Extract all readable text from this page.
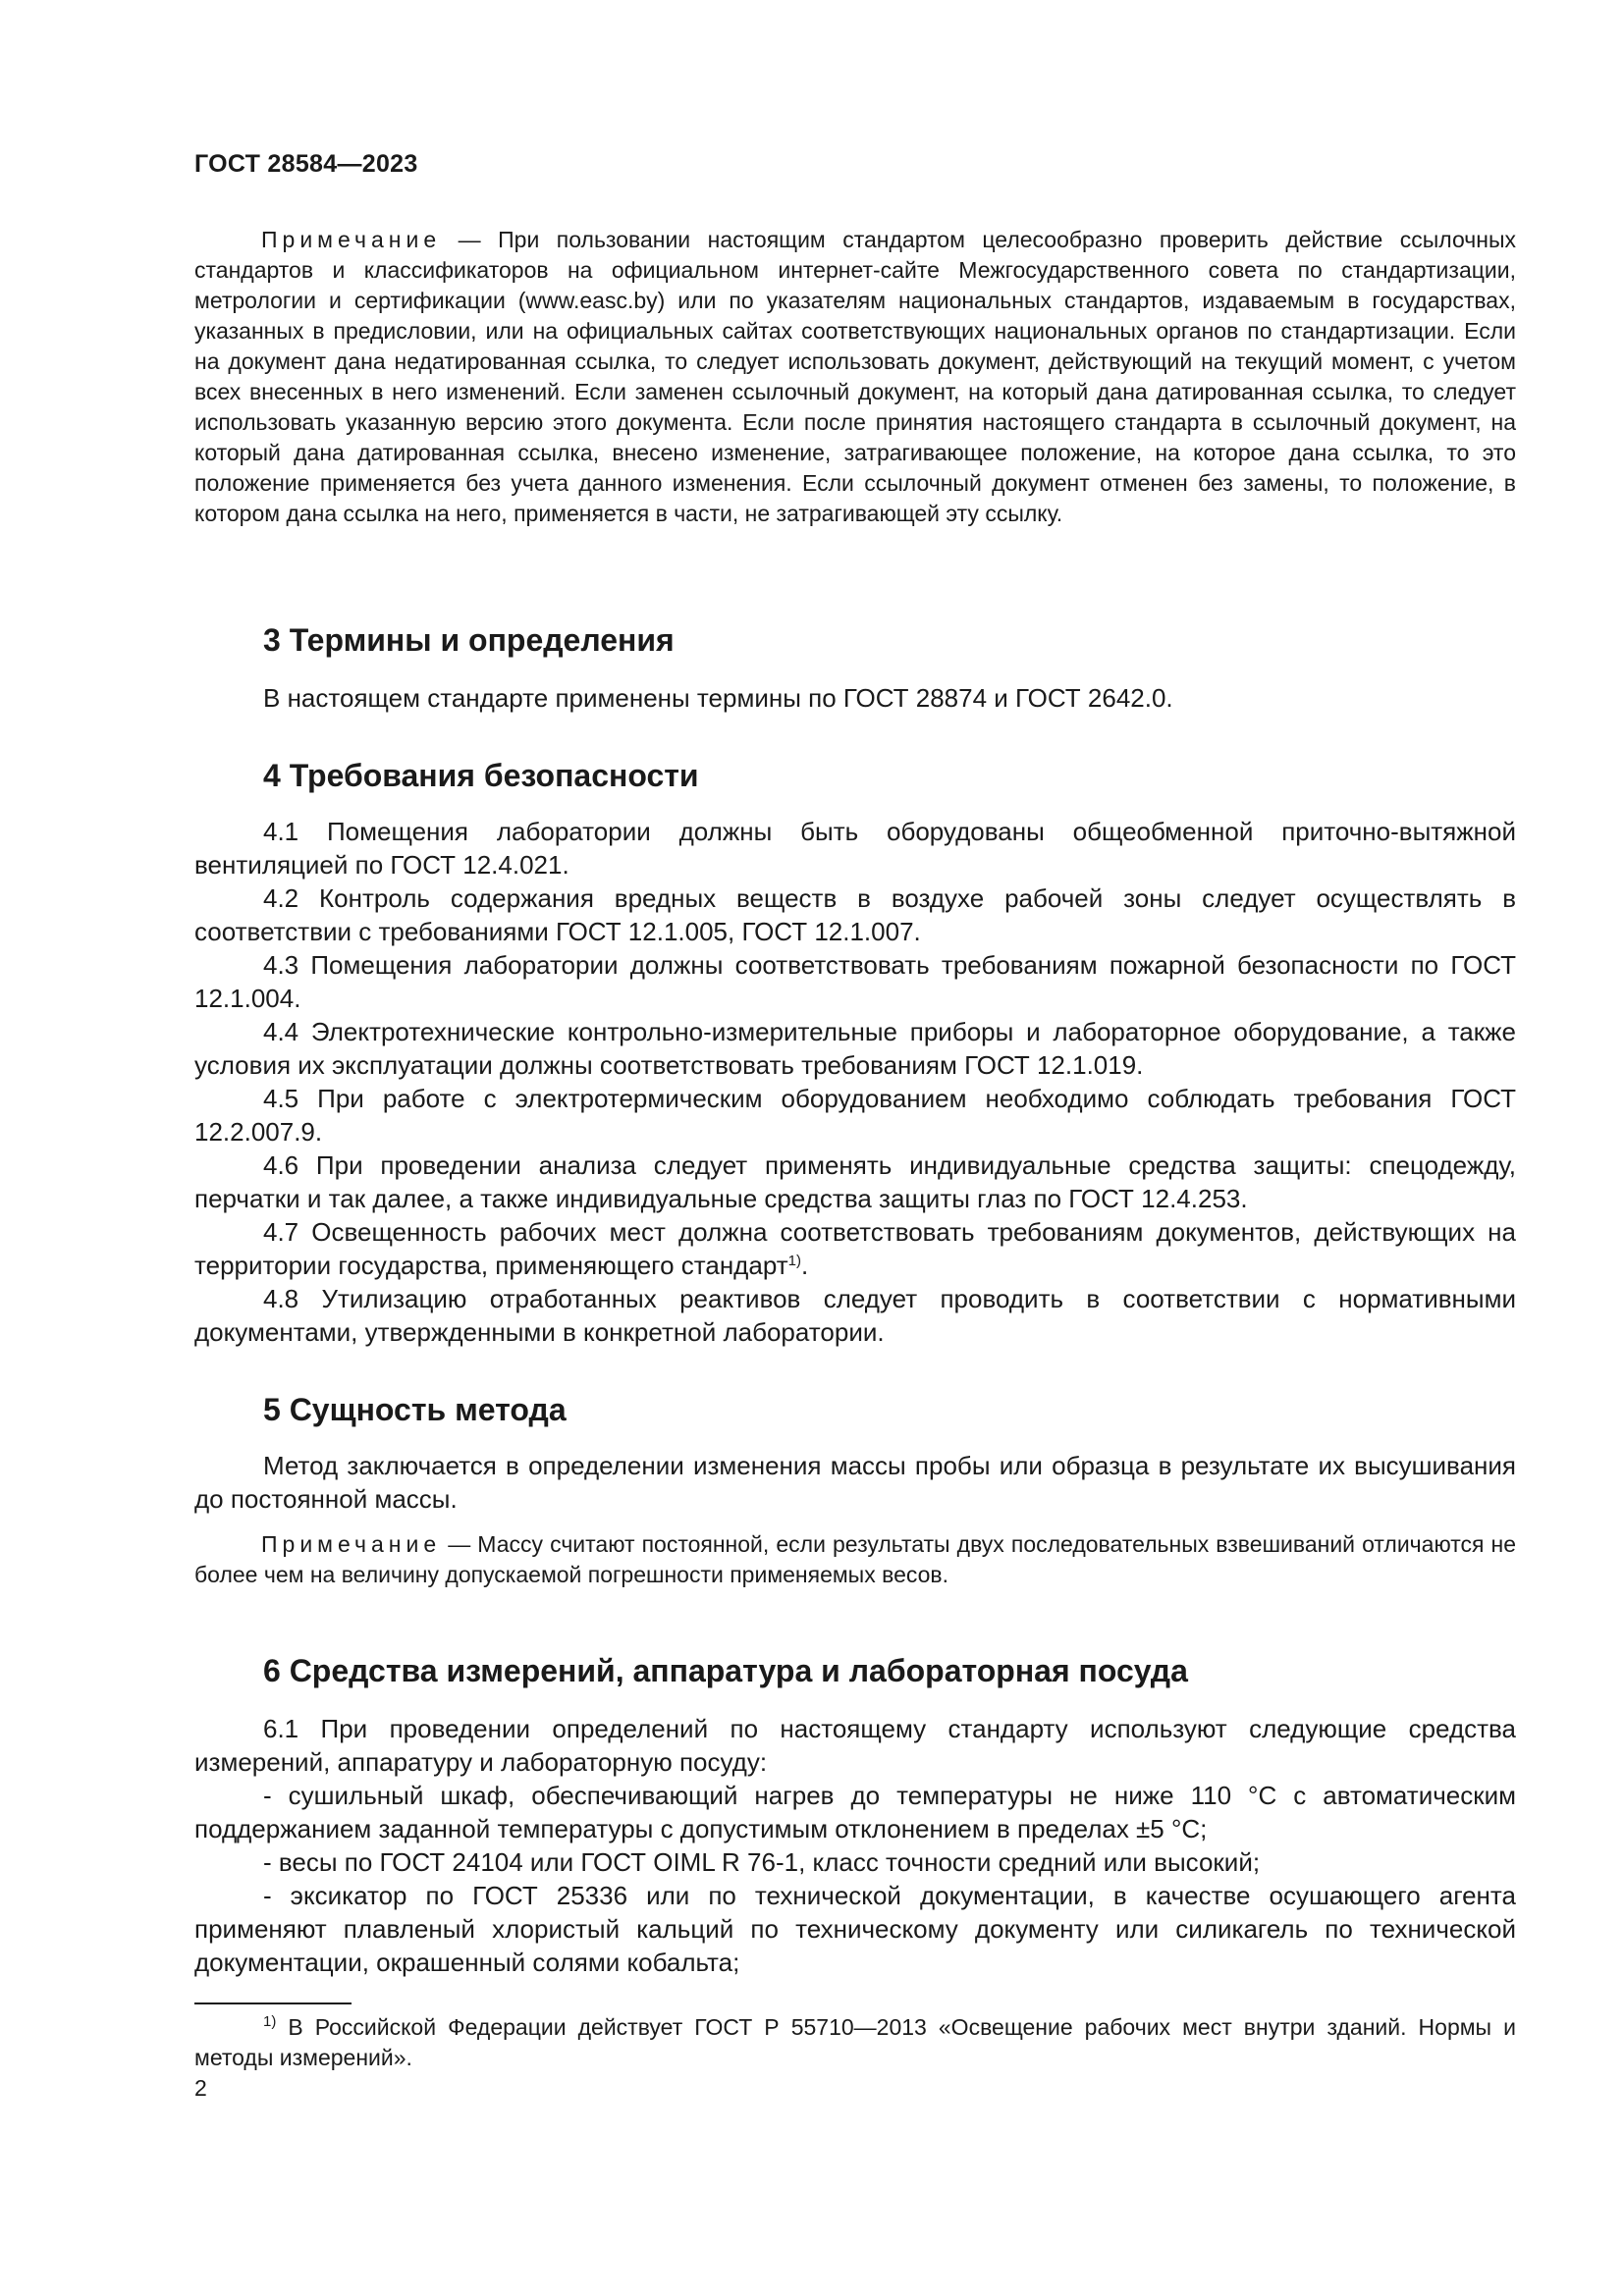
ГОСТ 28584—2023

Примечание — При пользовании настоящим стандартом целесообразно проверить действие ссылочных стандартов и классификаторов на официальном интернет-сайте Межгосударственного совета по стандартизации, метрологии и сертификации (www.easc.by) или по указателям национальных стандартов, издаваемым в государствах, указанных в предисловии, или на официальных сайтах соответствующих национальных органов по стандартизации. Если на документ дана недатированная ссылка, то следует использовать документ, действующий на текущий момент, с учетом всех внесенных в него изменений. Если заменен ссылочный документ, на который дана датированная ссылка, то следует использовать указанную версию этого документа. Если после принятия настоящего стандарта в ссылочный документ, на который дана датированная ссылка, внесено изменение, затрагивающее положение, на которое дана ссылка, то это положение применяется без учета данного изменения. Если ссылочный документ отменен без замены, то положение, в котором дана ссылка на него, применяется в части, не затрагивающей эту ссылку.

3 Термины и определения

В настоящем стандарте применены термины по ГОСТ 28874 и ГОСТ 2642.0.

4 Требования безопасности

4.1 Помещения лаборатории должны быть оборудованы общеобменной приточно-вытяжной вентиляцией по ГОСТ 12.4.021.

4.2 Контроль содержания вредных веществ в воздухе рабочей зоны следует осуществлять в соответствии с требованиями ГОСТ 12.1.005, ГОСТ 12.1.007.

4.3 Помещения лаборатории должны соответствовать требованиям пожарной безопасности по ГОСТ 12.1.004.

4.4 Электротехнические контрольно-измерительные приборы и лабораторное оборудование, а также условия их эксплуатации должны соответствовать требованиям ГОСТ 12.1.019.

4.5 При работе с электротермическим оборудованием необходимо соблюдать требования ГОСТ 12.2.007.9.

4.6 При проведении анализа следует применять индивидуальные средства защиты: спецодежду, перчатки и так далее, а также индивидуальные средства защиты глаз по ГОСТ 12.4.253.

4.7 Освещенность рабочих мест должна соответствовать требованиям документов, действующих на территории государства, применяющего стандарт$^{1)}$.

4.8 Утилизацию отработанных реактивов следует проводить в соответствии с нормативными документами, утвержденными в конкретной лаборатории.

5 Сущность метода

Метод заключается в определении изменения массы пробы или образца в результате их высушивания до постоянной массы.

Примечание — Массу считают постоянной, если результаты двух последовательных взвешиваний отличаются не более чем на величину допускаемой погрешности применяемых весов.

6 Средства измерений, аппаратура и лабораторная посуда

6.1 При проведении определений по настоящему стандарту используют следующие средства измерений, аппаратуру и лабораторную посуду:

- сушильный шкаф, обеспечивающий нагрев до температуры не ниже 110 °С с автоматическим поддержанием заданной температуры с допустимым отклонением в пределах ±5 °С;

- весы по ГОСТ 24104 или ГОСТ OIML R 76-1, класс точности средний или высокий;

- эксикатор по ГОСТ 25336 или по технической документации, в качестве осушающего агента применяют плавленый хлористый кальций по техническому документу или силикагель по технической документации, окрашенный солями кобальта;

$^{1)}$ В Российской Федерации действует ГОСТ Р 55710—2013 «Освещение рабочих мест внутри зданий. Нормы и методы измерений».

2
